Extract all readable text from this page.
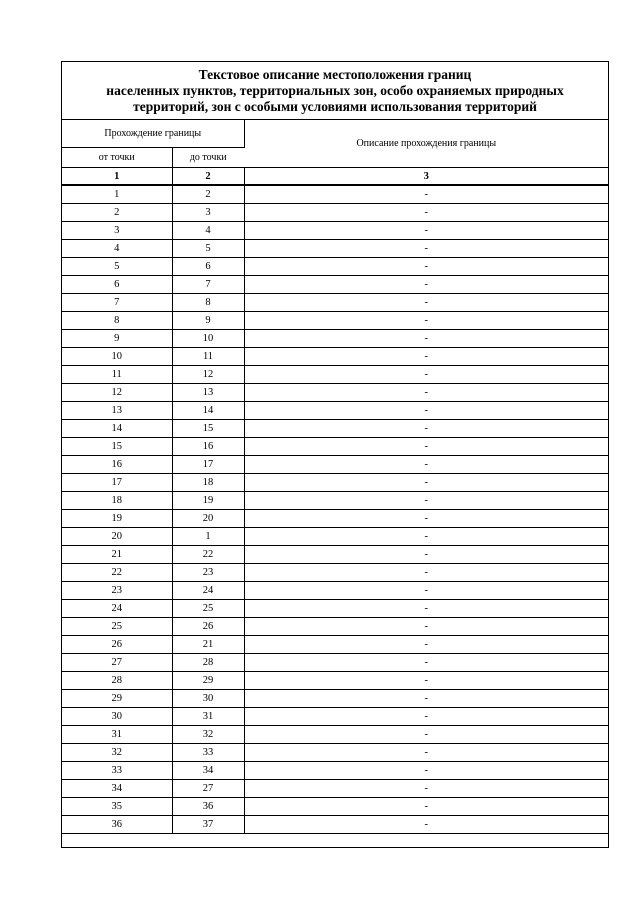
Текстовое описание местоположения границ
населенных пунктов, территориальных зон, особо охраняемых природных
территорий, зон с особыми условиями использования территорий
Прохождение границы		Описание прохождения границы
от точки	до точки	
1	2	3
1	2	-
2	3	-
3	4	-
4	5	-
5	6	-
6	7	-
7	8	-
8	9	-
9	10	-
10	11	-
11	12	-
12	13	-
13	14	-
14	15	-
15	16	-
16	17	-
17	18	-
18	19	-
19	20	-
20	1	-
21	22	-
22	23	-
23	24	-
24	25	-
25	26	-
26	21	-
27	28	-
28	29	-
29	30	-
30	31	-
31	32	-
32	33	-
33	34	-
34	27	-
35	36	-
36	37	-
